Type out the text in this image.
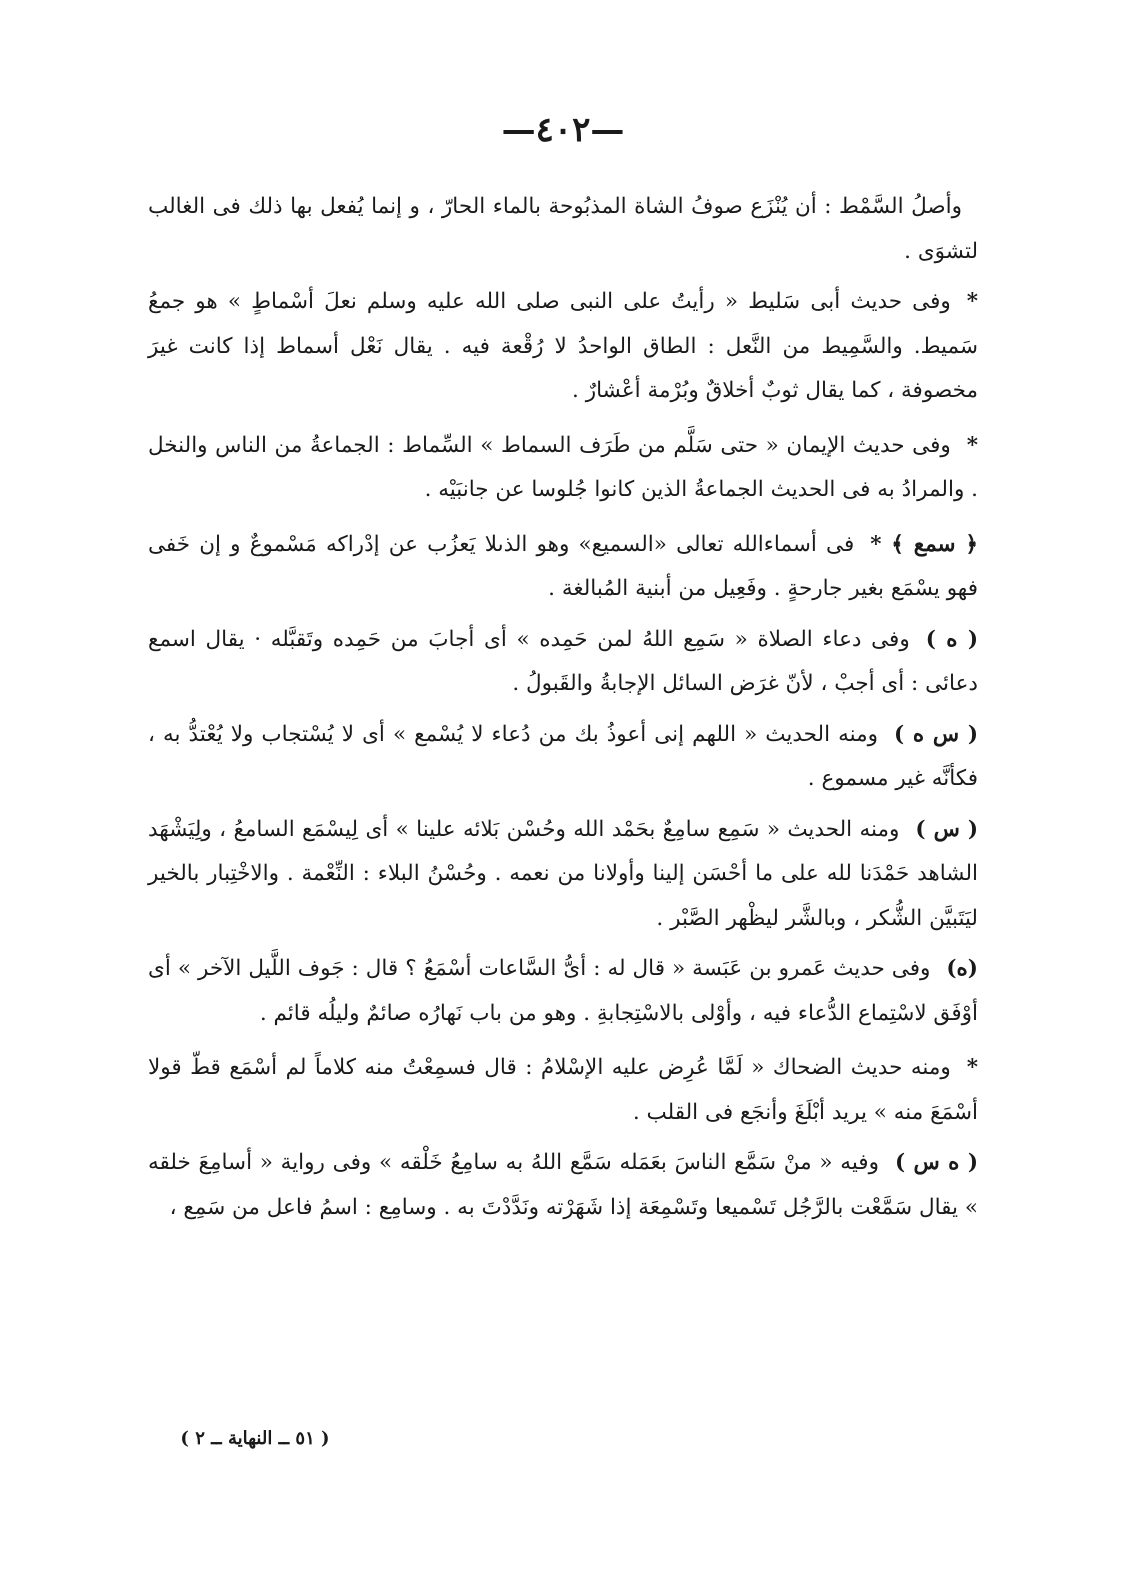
—٤٠٢—

وأصلُ السَّمْط : أن يُنْزَع صوفُ الشاة المذبُوحة بالماء الحارّ ، و إنما يُفعل بها ذلك فى الغالب لتشوَى .

*وفى حديث أبى سَليط « رأيتُ على النبى صلى الله عليه وسلم نعلَ أسْماطٍ » هو جمعُ سَميط. والسَّمِيط من النَّعل : الطاق الواحدُ لا رُقْعة فيه . يقال نَعْل أسماط إذا كانت غيرَ مخصوفة ، كما يقال ثوبٌ أخلاقٌ وبُرْمة أعْشارٌ .

*وفى حديث الإيمان « حتى سَلَّم من طَرَف السماط » السِّماط : الجماعةُ من الناس والنخل . والمرادُ به فى الحديث الجماعةُ الذين كانوا جُلوسا عن جانبَيْه .

﴿ سمع ﴾ *فى أسماءالله تعالى «السميع» وهو الذىلا يَعزُب عن إدْراكه مَسْموعٌ و إن خَفى فهو يسْمَع بغير جارحةٍ . وفَعِيل من أبنية المُبالغة .

( ه )وفى دعاء الصلاة « سَمِع اللهُ لمن حَمِده » أى أجابَ من حَمِده وتَقبَّله · يقال اسمع دعائى : أى أجبْ ، لأنّ غرَض السائل الإجابةُ والقَبولُ .

( س ه )ومنه الحديث « اللهم إنى أعوذُ بك من دُعاء لا يُسْمع » أى لا يُسْتجاب ولا يُعْتدُّ به ، فكأنَّه غير مسموع .

( س )ومنه الحديث « سَمِع سامِعٌ بحَمْد الله وحُسْن بَلائه علينا » أى لِيسْمَع السامعُ ، ولِيَشْهَد الشاهد حَمْدَنا لله على ما أحْسَن إلينا وأولانا من نعمه . وحُسْنُ البلاء : النِّعْمة . والاخْتِبار بالخير ليَتَبيَّن الشُّكر ، وبالشَّر ليظْهر الصَّبْر .

(ه)وفى حديث عَمرو بن عَبَسة « قال له : أىُّ السَّاعات أسْمَعُ ؟ قال : جَوف اللَّيل الآخر » أى أوْفَق لاسْتِماع الدُّعاء فيه ، وأوْلى بالاسْتِجابةِ . وهو من باب نَهارُه صائمٌ وليلُه قائم .

*ومنه حديث الضحاك « لَمَّا عُرِض عليه الإسْلامُ : قال فسمِعْتُ منه كلاماً لم أسْمَع قطّ قولا أسْمَعَ منه » يريد أبْلَغَ وأنجَع فى القلب .

( ه س )وفيه « منْ سَمَّع الناسَ بعَمَله سَمَّع اللهُ به سامِعُ خَلْقه » وفى رواية « أسامِعَ خلقه » يقال سَمَّعْت بالرَّجُل تَسْميعا وتَسْمِعَة إذا شَهَرْته ونَدَّدْتَ به . وسامِع : اسمُ فاعل من سَمِع ،

( ٥١ ــ النهاية ــ ٢ )
